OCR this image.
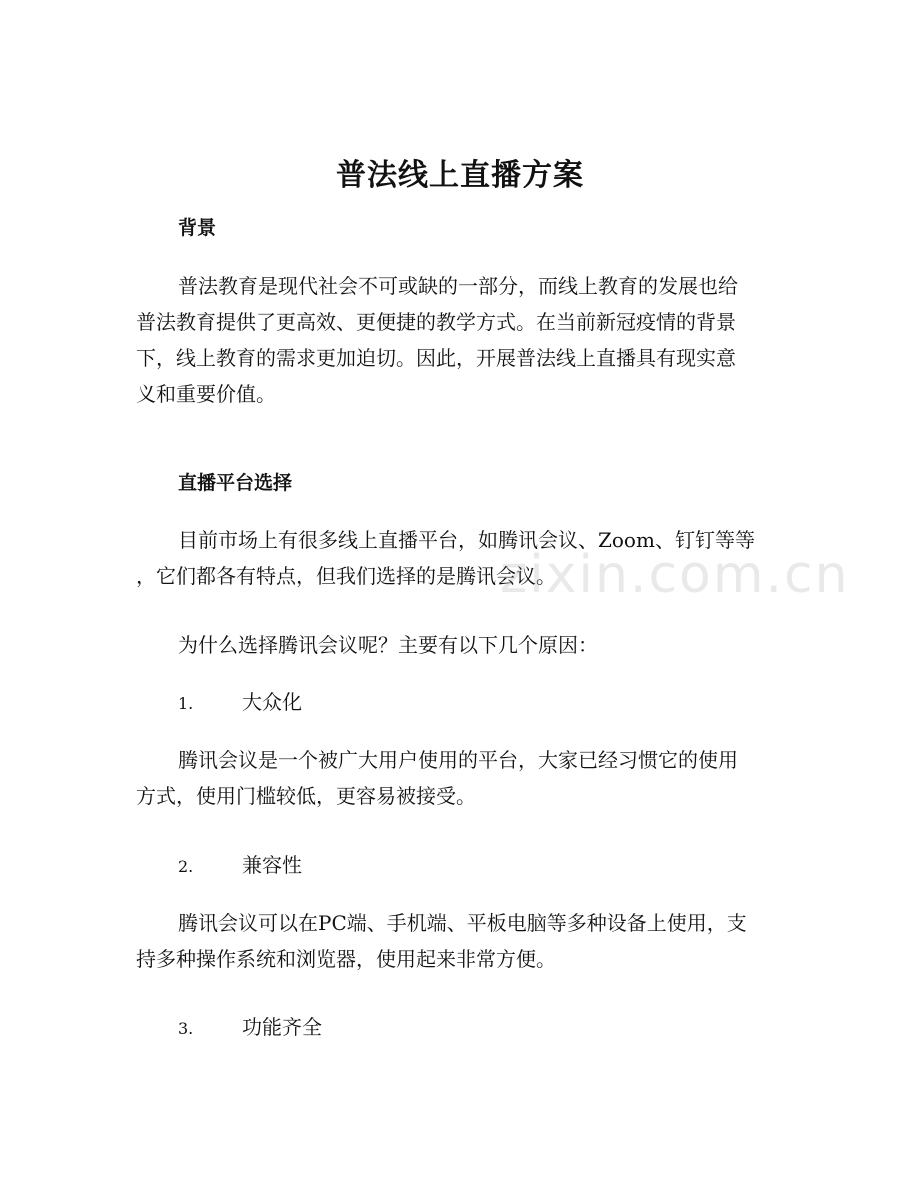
普法线上直播方案
背景
普法教育是现代社会不可或缺的一部分，而线上教育的发展也给
普法教育提供了更高效、更便捷的教学方式。在当前新冠疫情的背景
下，线上教育的需求更加迫切。因此，开展普法线上直播具有现实意
义和重要价值。
直播平台选择
目前市场上有很多线上直播平台，如腾讯会议、Zoom、钉钉等等
，它们都各有特点，但我们选择的是腾讯会议。
为什么选择腾讯会议呢？主要有以下几个原因：
1. 大众化
腾讯会议是一个被广大用户使用的平台，大家已经习惯它的使用
方式，使用门槛较低，更容易被接受。
2. 兼容性
腾讯会议可以在PC端、手机端、平板电脑等多种设备上使用，支
持多种操作系统和浏览器，使用起来非常方便。
3. 功能齐全
zixin.com.cn
